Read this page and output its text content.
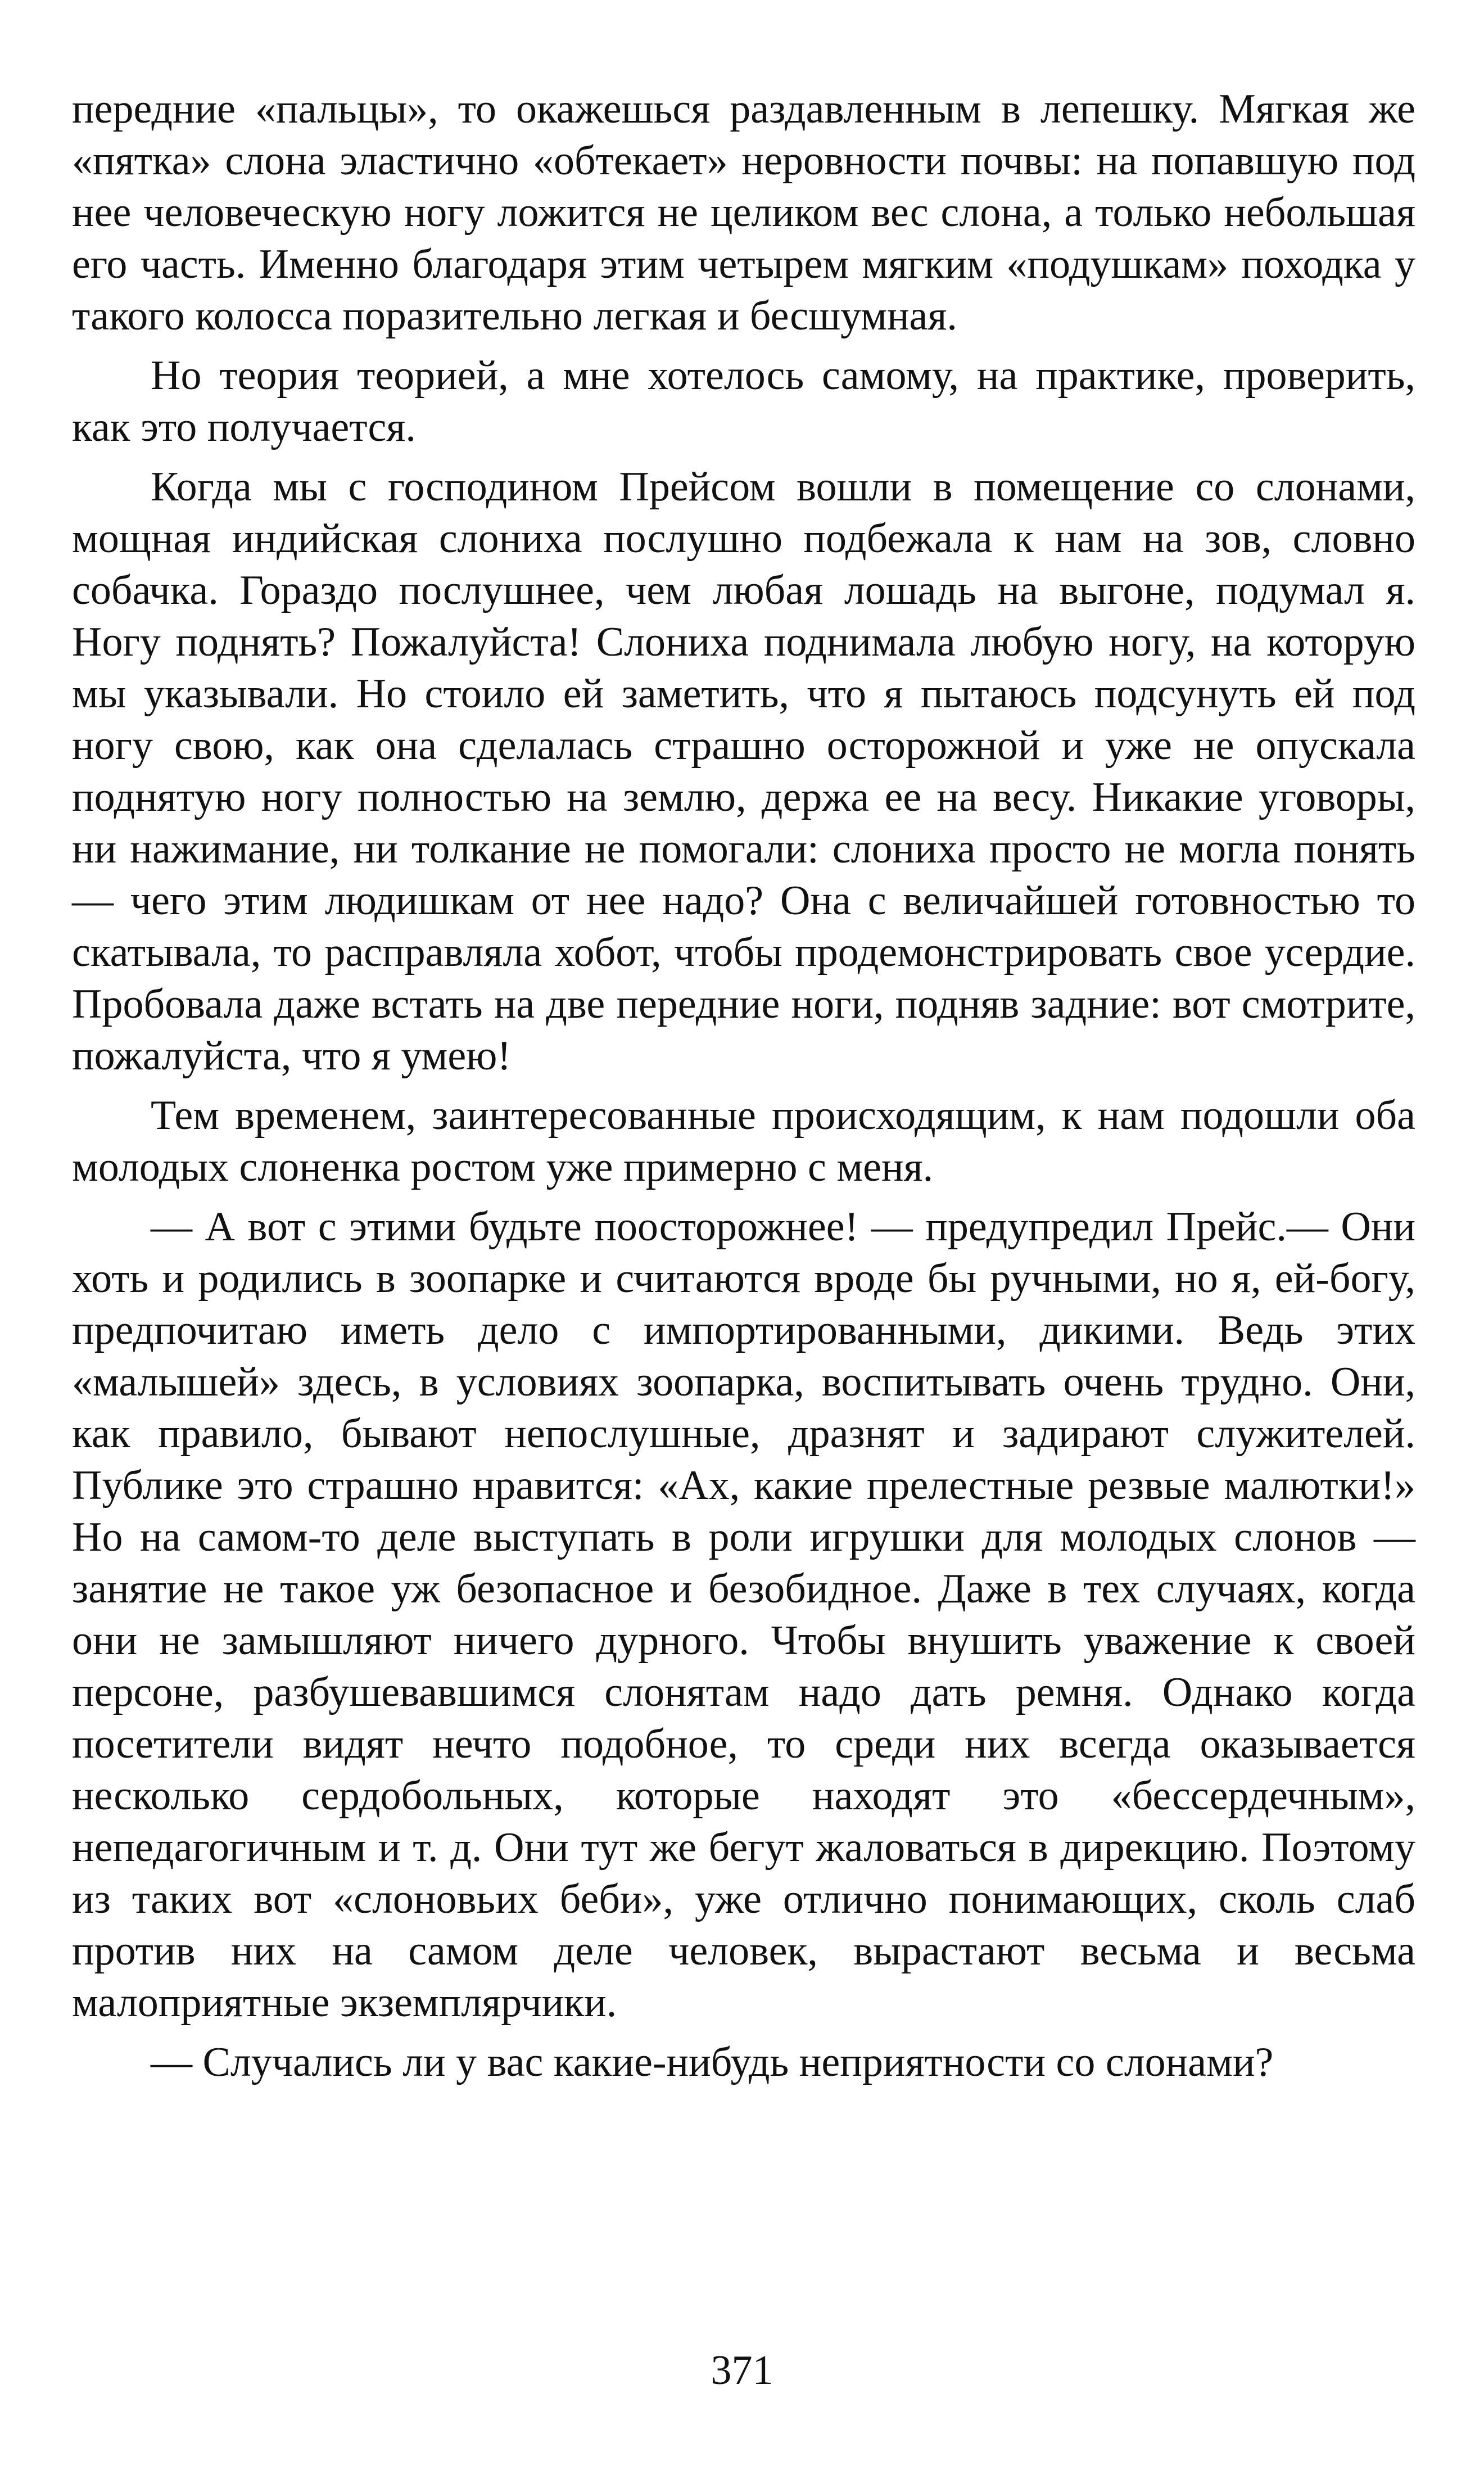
передние «пальцы», то окажешься раздавленным в лепешку. Мягкая же «пятка» слона эластично «обтекает» неровности почвы: на попавшую под нее человеческую ногу ложится не целиком вес слона, а только небольшая его часть. Именно благодаря этим четырем мягким «подушкам» походка у такого колосса поразительно легкая и бесшумная.

Но теория теорией, а мне хотелось самому, на практике, проверить, как это получается.

Когда мы с господином Прейсом вошли в помещение со слонами, мощная индийская слониха послушно подбежала к нам на зов, словно собачка. Гораздо послушнее, чем любая лошадь на выгоне, подумал я. Ногу поднять? Пожалуйста! Слониха поднимала любую ногу, на которую мы указывали. Но стоило ей заметить, что я пытаюсь подсунуть ей под ногу свою, как она сделалась страшно осторожной и уже не опускала поднятую ногу полностью на землю, держа ее на весу. Никакие уговоры, ни нажимание, ни толкание не помогали: слониха просто не могла понять — чего этим людишкам от нее надо? Она с величайшей готовностью то скатывала, то расправляла хобот, чтобы продемонстрировать свое усердие. Пробовала даже встать на две передние ноги, подняв задние: вот смотрите, пожалуйста, что я умею!

Тем временем, заинтересованные происходящим, к нам подошли оба молодых слоненка ростом уже примерно с меня.

— А вот с этими будьте поосторожнее! — предупредил Прейс.— Они хоть и родились в зоопарке и считаются вроде бы ручными, но я, ей-богу, предпочитаю иметь дело с импортированными, дикими. Ведь этих «малышей» здесь, в условиях зоопарка, воспитывать очень трудно. Они, как правило, бывают непослушные, дразнят и задирают служителей. Публике это страшно нравится: «Ах, какие прелестные резвые малютки!» Но на самом-то деле выступать в роли игрушки для молодых слонов — занятие не такое уж безопасное и безобидное. Даже в тех случаях, когда они не замышляют ничего дурного. Чтобы внушить уважение к своей персоне, разбушевавшимся слонятам надо дать ремня. Однако когда посетители видят нечто подобное, то среди них всегда оказывается несколько сердобольных, которые находят это «бессердечным», непедагогичным и т. д. Они тут же бегут жаловаться в дирекцию. Поэтому из таких вот «слоновьих беби», уже отлично понимающих, сколь слаб против них на самом деле человек, вырастают весьма и весьма малоприятные экземплярчики.

— Случались ли у вас какие-нибудь неприятности со слонами?

371
